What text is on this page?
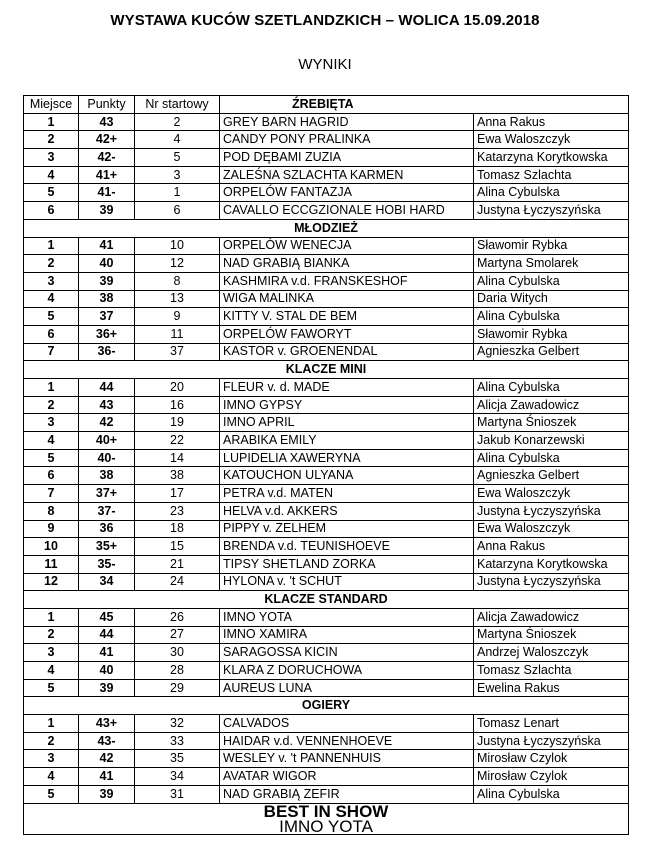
WYSTAWA KUCÓW SZETLANDZKICH – WOLICA 15.09.2018
WYNIKI
Miejsce	Punkty	Nr startowy	ŹREBIĘTA	
1	43	2	GREY BARN HAGRID	Anna Rakus
2	42+	4	CANDY PONY PRALINKA	Ewa Waloszczyk
3	42-	5	POD DĘBAMI ZUZIA	Katarzyna Korytkowska
4	41+	3	ZALEŚNA SZLACHTA KARMEN	Tomasz Szlachta
5	41-	1	ORPELÓW FANTAZJA	Alina Cybulska
6	39	6	CAVALLO ECCGZIONALE HOBI HARD	Justyna Łyczyszyńska
MŁODZIEŻ				
1	41	10	ORPELÓW WENECJA	Sławomir Rybka
2	40	12	NAD GRABIĄ BIANKA	Martyna Smolarek
3	39	8	KASHMIRA v.d. FRANSKESHOF	Alina Cybulska
4	38	13	WIGA MALINKA	Daria Witych
5	37	9	KITTY V. STAL DE BEM	Alina Cybulska
6	36+	11	ORPELÓW FAWORYT	Sławomir Rybka
7	36-	37	KASTOR v. GROENENDAL	Agnieszka Gelbert
KLACZE MINI				
1	44	20	FLEUR v. d. MADE	Alina Cybulska
2	43	16	IMNO GYPSY	Alicja Zawadowicz
3	42	19	IMNO APRIL	Martyna Śnioszek
4	40+	22	ARABIKA EMILY	Jakub Konarzewski
5	40-	14	LUPIDELIA XAWERYNA	Alina Cybulska
6	38	38	KATOUCHON ULYANA	Agnieszka Gelbert
7	37+	17	PETRA v.d. MATEN	Ewa Waloszczyk
8	37-	23	HELVA v.d. AKKERS	Justyna Łyczyszyńska
9	36	18	PIPPY v. ZELHEM	Ewa Waloszczyk
10	35+	15	BRENDA v.d. TEUNISHOEVE	Anna Rakus
11	35-	21	TIPSY SHETLAND ZORKA	Katarzyna Korytkowska
12	34	24	HYLONA v. 't SCHUT	Justyna Łyczyszyńska
KLACZE STANDARD				
1	45	26	IMNO YOTA	Alicja Zawadowicz
2	44	27	IMNO XAMIRA	Martyna Śnioszek
3	41	30	SARAGOSSA KICIN	Andrzej Waloszczyk
4	40	28	KLARA Z DORUCHOWA	Tomasz Szlachta
5	39	29	AUREUS LUNA	Ewelina Rakus
OGIERY				
1	43+	32	CALVADOS	Tomasz Lenart
2	43-	33	HAIDAR v.d. VENNENHOEVE	Justyna Łyczyszyńska
3	42	35	WESLEY v. 't PANNENHUIS	Mirosław Czylok
4	41	34	AVATAR WIGOR	Mirosław Czylok
5	39	31	NAD GRABIĄ ZEFIR	Alina Cybulska

BEST IN SHOW
IMNO YOTA				
